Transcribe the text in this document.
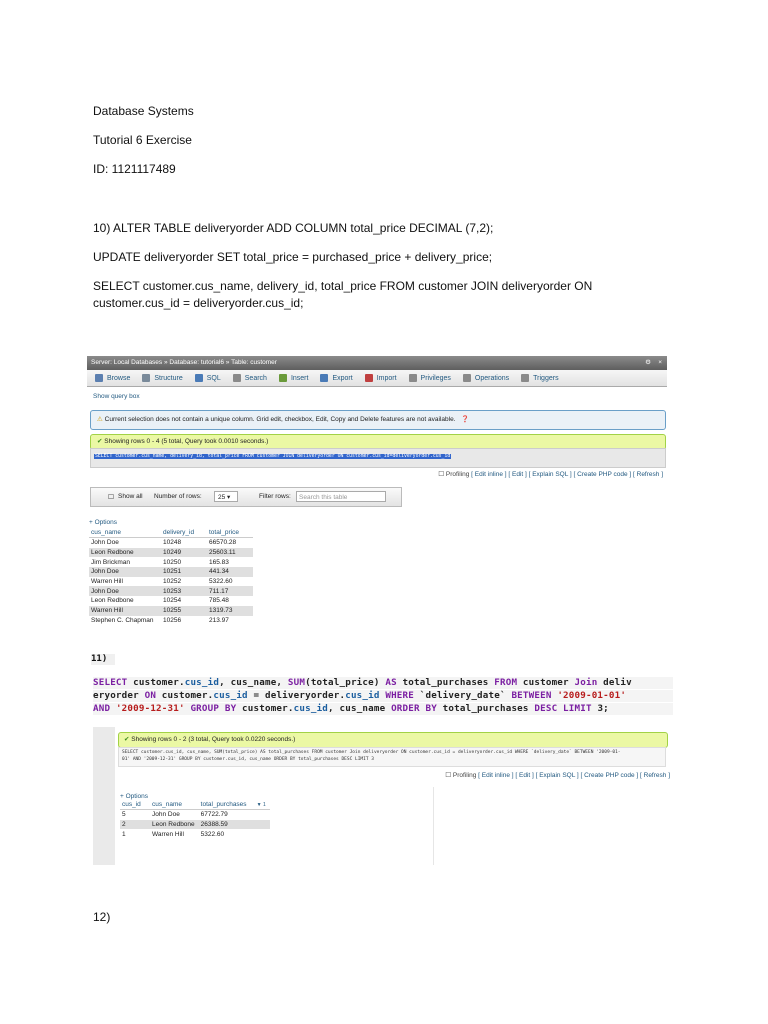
Database Systems
Tutorial 6 Exercise
ID: 1121117489
10) ALTER TABLE deliveryorder ADD COLUMN total_price DECIMAL (7,2);
UPDATE deliveryorder SET total_price = purchased_price + delivery_price;
SELECT customer.cus_name, delivery_id, total_price FROM customer JOIN deliveryorder ON customer.cus_id = deliveryorder.cus_id;
Server: Local Databases » Database: tutorial6 » Table: customer	⚙ ×
Browse	Structure	SQL	Search	Insert	Export	Import	Privileges	Operations	Triggers
Show query box
⚠ Current selection does not contain a unique column. Grid edit, checkbox, Edit, Copy and Delete features are not available. ❓
✔ Showing rows 0 - 4 (5 total, Query took 0.0010 seconds.)
SELECT customer.cus_name, delivery_id, total_price FROM customer JOIN deliveryorder ON customer.cus_id=deliveryorder.cus_id
☐ Profiling [ Edit inline ] [ Edit ] [ Explain SQL ] [ Create PHP code ] [ Refresh ]
☐ Show all Number of rows:	25 ▾	Filter rows:	Search this table
+ Options
cus_name	delivery_id	total_price
John Doe	10248	66570.28
Leon Redbone	10249	25603.11
Jim Brickman	10250	165.83
John Doe	10251	441.34
Warren Hill	10252	5322.60
John Doe	10253	711.17
Leon Redbone	10254	785.48
Warren Hill	10255	1319.73
Stephen C. Chapman	10256	213.97
11)
SELECT customer.cus_id, cus_name, SUM(total_price) AS total_purchases FROM customer Join deliv
eryorder ON customer.cus_id = deliveryorder.cus_id WHERE `delivery_date` BETWEEN '2009-01-01'
AND '2009-12-31' GROUP BY customer.cus_id, cus_name ORDER BY total_purchases DESC LIMIT 3;
✔ Showing rows 0 - 2 (3 total, Query took 0.0220 seconds.)
SELECT customer.cus_id, cus_name, SUM(total_price) AS total_purchases FROM customer Join deliveryorder ON customer.cus_id = deliveryorder.cus_id WHERE `delivery_date` BETWEEN '2009-01-
01' AND '2009-12-31' GROUP BY customer.cus_id, cus_name ORDER BY total_purchases DESC LIMIT 3
☐ Profiling [ Edit inline ] [ Edit ] [ Explain SQL ] [ Create PHP code ] [ Refresh ]
+ Options
cus_id	cus_name	total_purchases	▼ 1
5	John Doe	67722.79	
2	Leon Redbone	26388.59	
1	Warren Hill	5322.60	
12)
